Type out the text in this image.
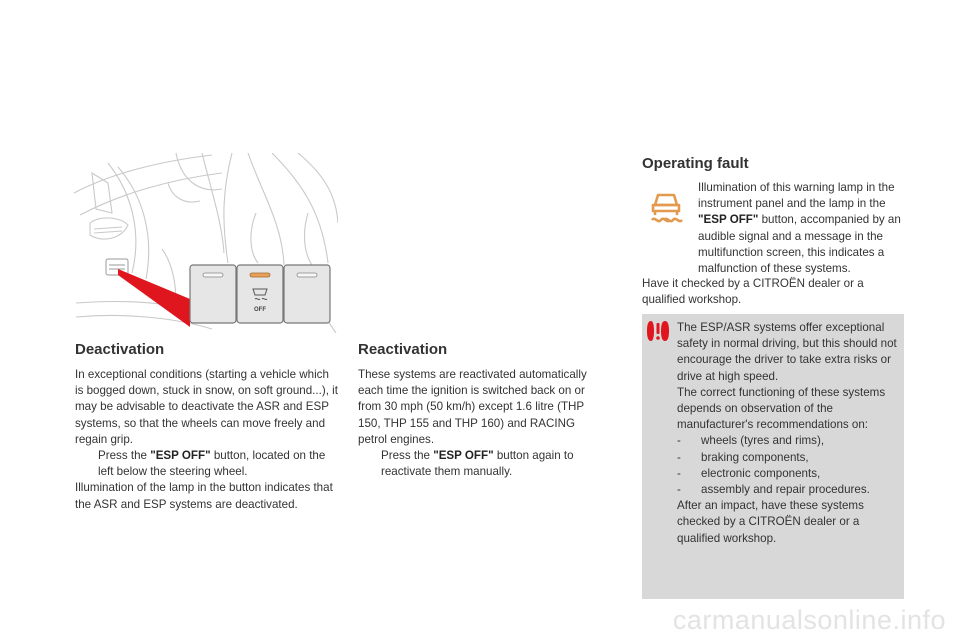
OFF
Deactivation
In exceptional conditions (starting a vehicle which is bogged down, stuck in snow, on soft ground...), it may be advisable to deactivate the ASR and ESP systems, so that the wheels can move freely and regain grip.
Press the "ESP OFF" button, located on the left below the steering wheel.
Illumination of the lamp in the button indicates that the ASR and ESP systems are deactivated.
Reactivation
These systems are reactivated automatically each time the ignition is switched back on or from 30 mph (50 km/h) except 1.6 litre (THP 150, THP 155 and THP 160) and RACING petrol engines.
Press the "ESP OFF" button again to reactivate them manually.
Operating fault
Illumination of this warning lamp in the instrument panel and the lamp in the "ESP OFF" button, accompanied by an audible signal and a message in the multifunction screen, this indicates a malfunction of these systems.
Have it checked by a CITROËN dealer or a qualified workshop.
The ESP/ASR systems offer exceptional safety in normal driving, but this should not encourage the driver to take extra risks or drive at high speed.
The correct functioning of these systems depends on observation of the manufacturer's recommendations on:
- wheels (tyres and rims),
- braking components,
- electronic components,
- assembly and repair procedures.
After an impact, have these systems checked by a CITROËN dealer or a qualified workshop.
carmanualsonline.info
